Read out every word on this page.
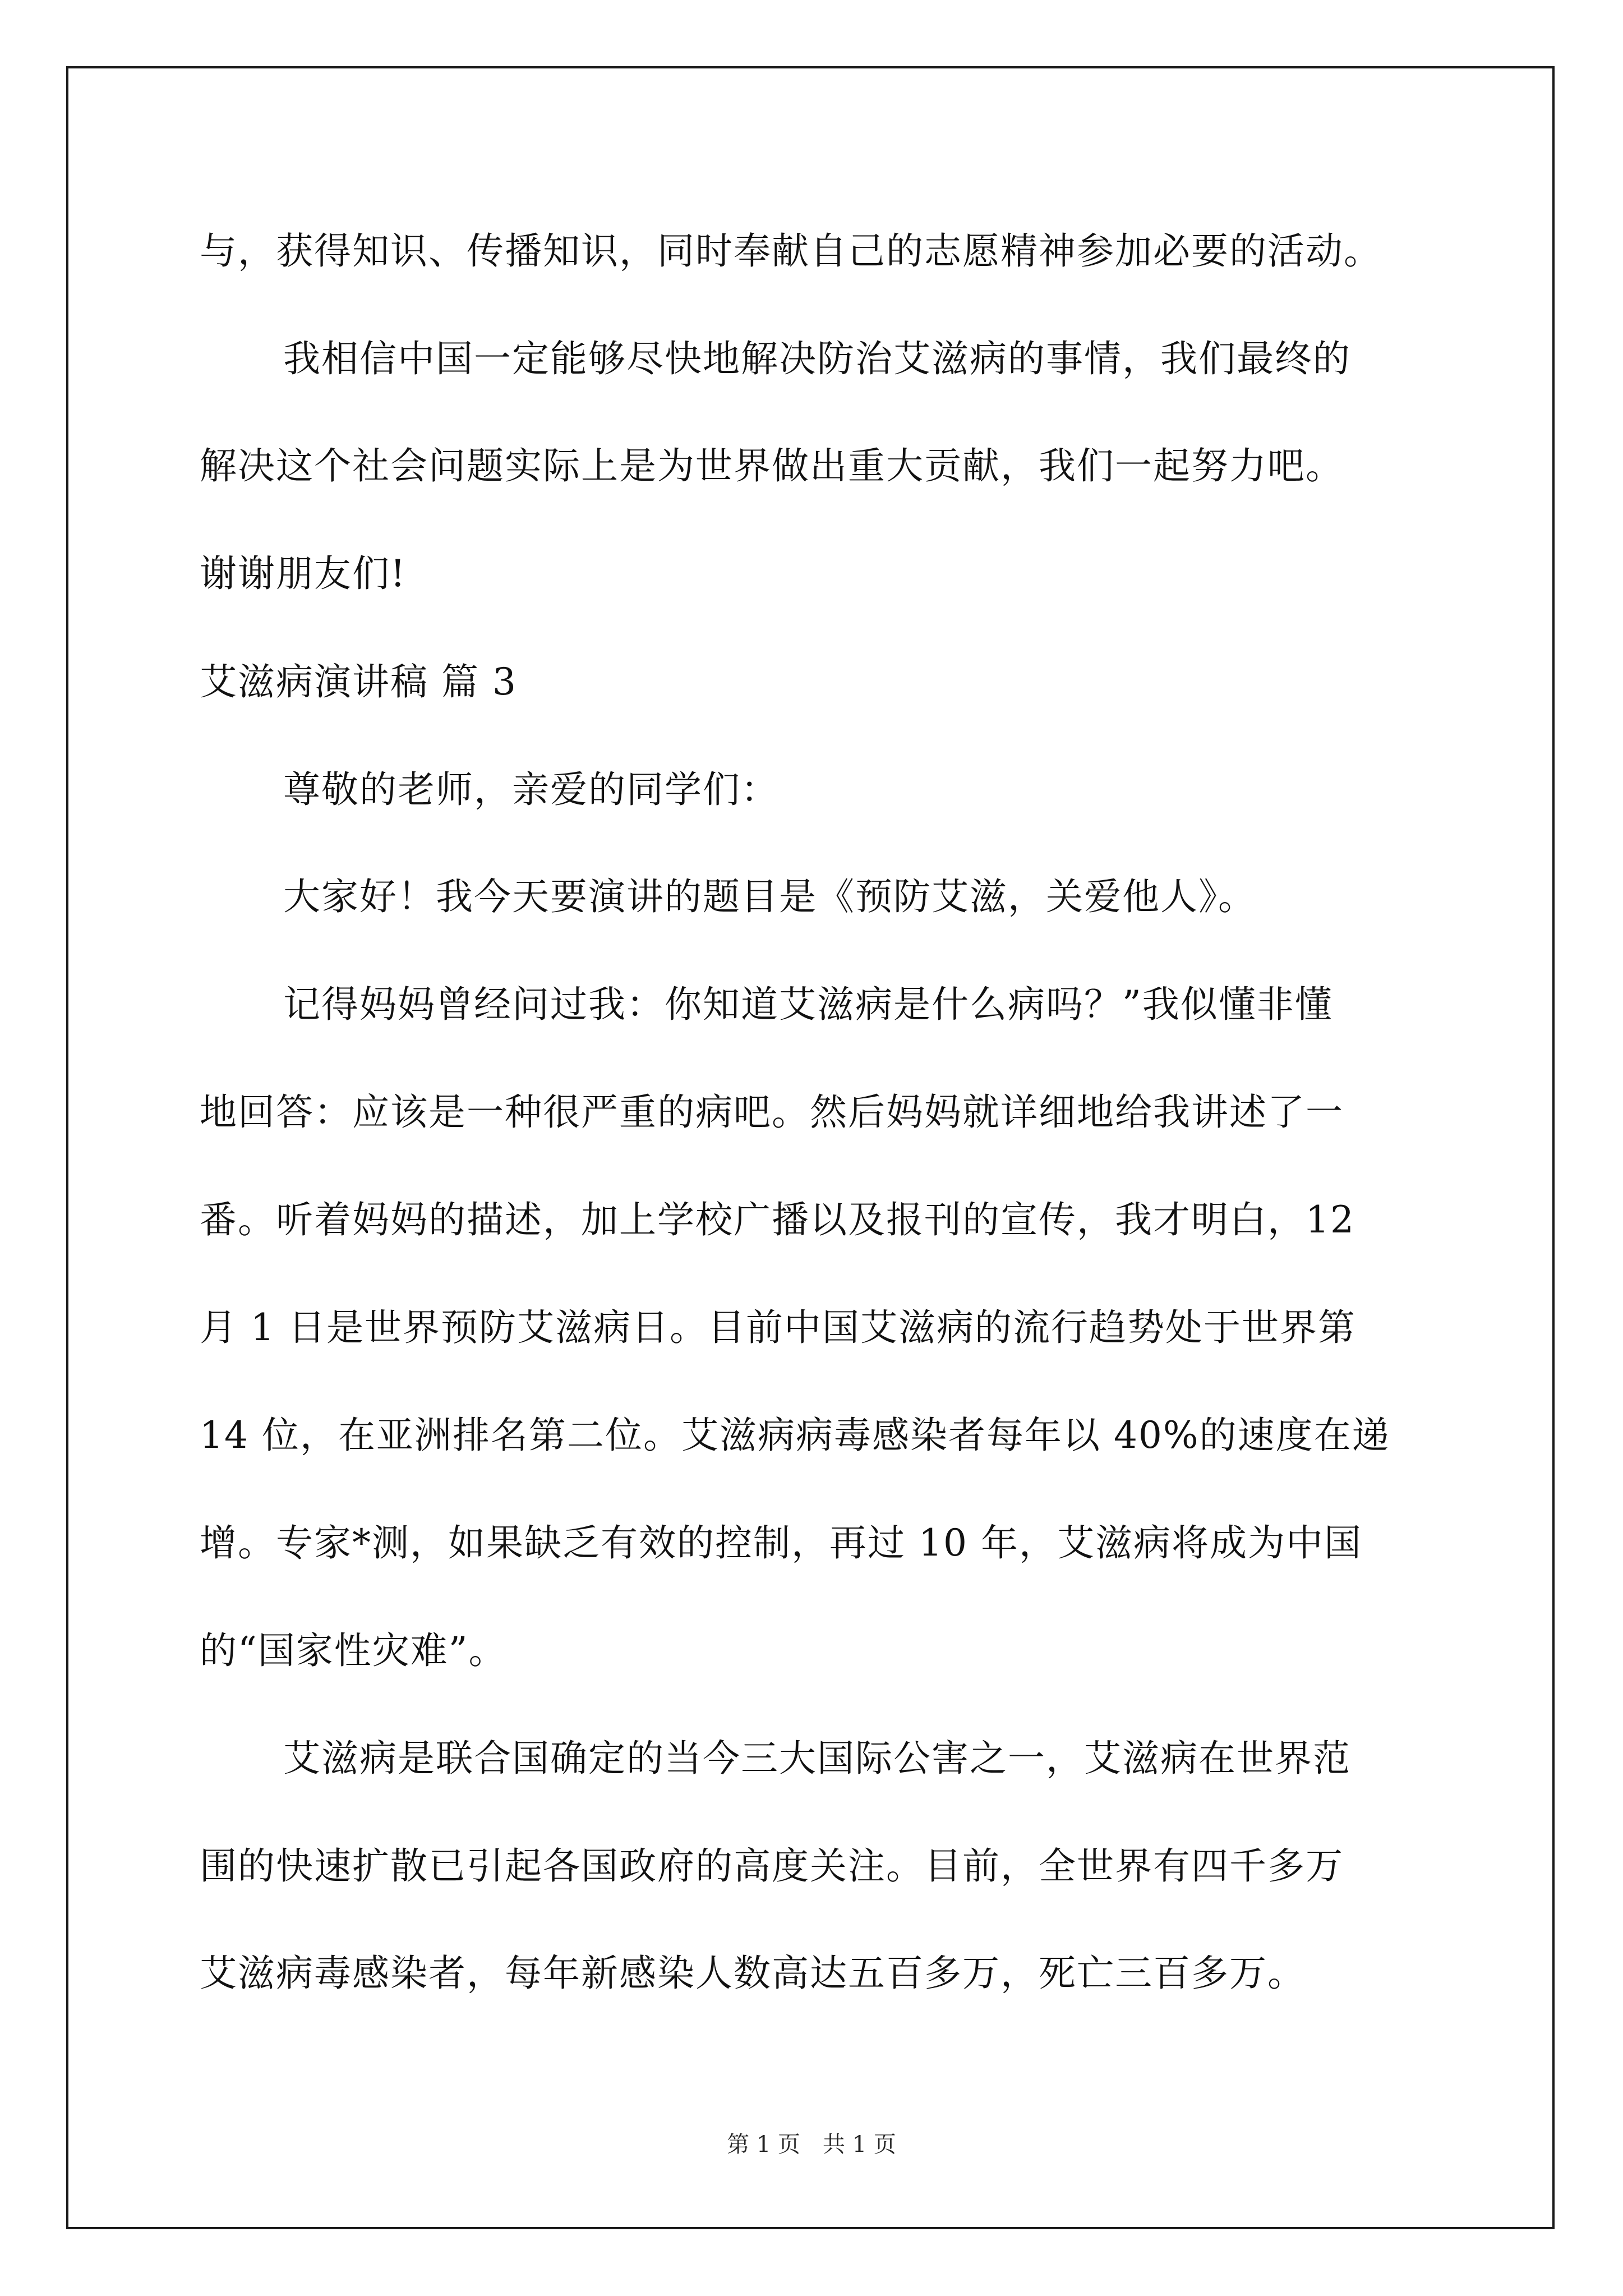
与，获得知识、传播知识，同时奉献自己的志愿精神参加必要的活动。
我相信中国一定能够尽快地解决防治艾滋病的事情，我们最终的
解决这个社会问题实际上是为世界做出重大贡献，我们一起努力吧。
谢谢朋友们!
艾滋病演讲稿 篇 3
尊敬的老师，亲爱的同学们：
大家好！我今天要演讲的题目是《预防艾滋，关爱他人》。
记得妈妈曾经问过我：你知道艾滋病是什么病吗？”我似懂非懂
地回答：应该是一种很严重的病吧。然后妈妈就详细地给我讲述了一
番。听着妈妈的描述，加上学校广播以及报刊的宣传，我才明白，12
月 1 日是世界预防艾滋病日。目前中国艾滋病的流行趋势处于世界第
14 位，在亚洲排名第二位。艾滋病病毒感染者每年以 40%的速度在递
增。专家*测，如果缺乏有效的控制，再过 10 年，艾滋病将成为中国
的“国家性灾难”。
艾滋病是联合国确定的当今三大国际公害之一，艾滋病在世界范
围的快速扩散已引起各国政府的高度关注。目前，全世界有四千多万
艾滋病毒感染者，每年新感染人数高达五百多万，死亡三百多万。
第 1 页　共 1 页
